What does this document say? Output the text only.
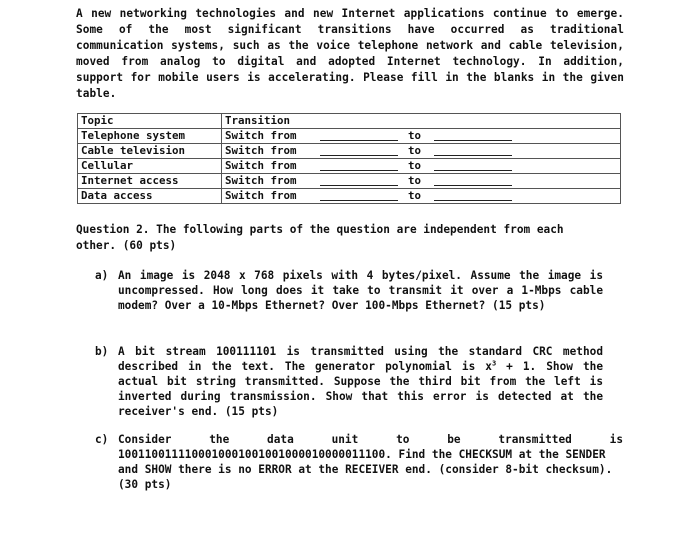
A new networking technologies and new Internet applications continue to emerge. Some of the most significant transitions have occurred as traditional communication systems, such as the voice telephone network and cable television, moved from analog to digital and adopted Internet technology. In addition, support for mobile users is accelerating. Please fill in the blanks in the given table.

Topic	Transition
Telephone system	Switch from to

Cable television	Switch from to

Cellular	Switch from to

Internet access	Switch from to

Data access	Switch from to

Question 2. The following parts of the question are independent from each other. (60 pts)

a) An image is 2048 x 768 pixels with 4 bytes/pixel. Assume the image is uncompressed. How long does it take to transmit it over a 1-Mbps cable modem? Over a 10-Mbps Ethernet? Over 100-Mbps Ethernet? (15 pts)
b) A bit stream 100111101 is transmitted using the standard CRC method described in the text. The generator polynomial is $x^3 + 1$. Show the actual bit string transmitted. Suppose the third bit from the left is inverted during transmission. Show that this error is detected at the receiver's end. (15 pts)
c) Consider the data unit to be transmitted is
1001100111100010001001001000010000011100. Find the CHECKSUM at the SENDER and SHOW there is no ERROR at the RECEIVER end. (consider 8-bit checksum). (30 pts)
